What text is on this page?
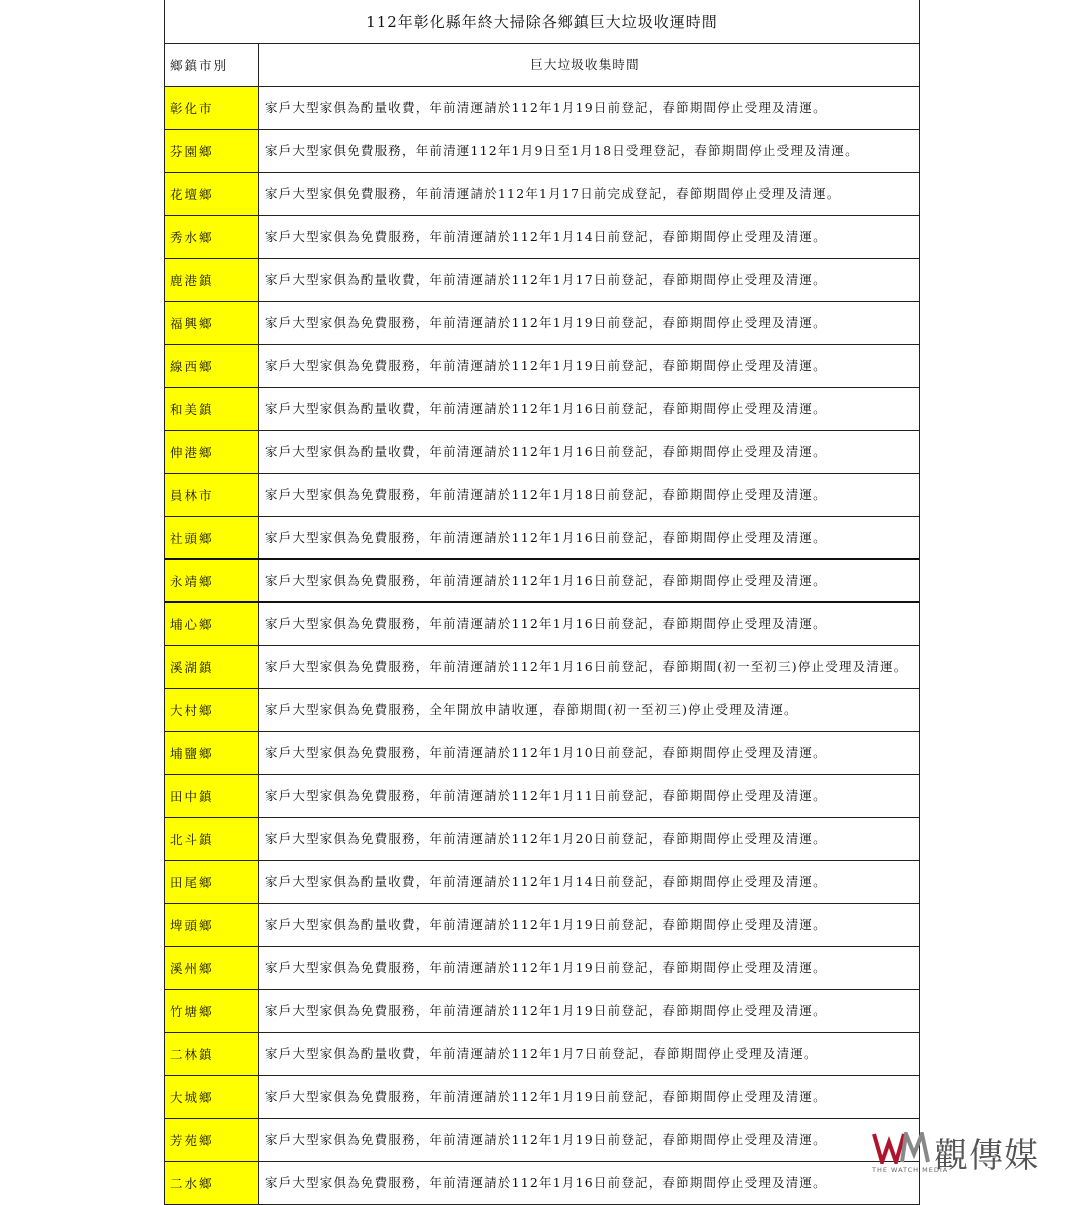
112年彰化縣年終大掃除各鄉鎮巨大垃圾收運時間
鄉鎮市別	巨大垃圾收集時間
彰化市	家戶大型家俱為酌量收費，年前清運請於112年1月19日前登記，春節期間停止受理及清運。
芬園鄉	家戶大型家俱免費服務，年前清運112年1月9日至1月18日受理登記，春節期間停止受理及清運。
花壇鄉	家戶大型家俱免費服務，年前清運請於112年1月17日前完成登記，春節期間停止受理及清運。
秀水鄉	家戶大型家俱為免費服務，年前清運請於112年1月14日前登記，春節期間停止受理及清運。
鹿港鎮	家戶大型家俱為酌量收費，年前清運請於112年1月17日前登記，春節期間停止受理及清運。
福興鄉	家戶大型家俱為免費服務，年前清運請於112年1月19日前登記，春節期間停止受理及清運。
線西鄉	家戶大型家俱為免費服務，年前清運請於112年1月19日前登記，春節期間停止受理及清運。
和美鎮	家戶大型家俱為酌量收費，年前清運請於112年1月16日前登記，春節期間停止受理及清運。
伸港鄉	家戶大型家俱為酌量收費，年前清運請於112年1月16日前登記，春節期間停止受理及清運。
員林市	家戶大型家俱為免費服務，年前清運請於112年1月18日前登記，春節期間停止受理及清運。
社頭鄉	家戶大型家俱為免費服務，年前清運請於112年1月16日前登記，春節期間停止受理及清運。
永靖鄉	家戶大型家俱為免費服務，年前清運請於112年1月16日前登記，春節期間停止受理及清運。
埔心鄉	家戶大型家俱為免費服務，年前清運請於112年1月16日前登記，春節期間停止受理及清運。
溪湖鎮	家戶大型家俱為免費服務，年前清運請於112年1月16日前登記，春節期間(初一至初三)停止受理及清運。
大村鄉	家戶大型家俱為免費服務，全年開放申請收運，春節期間(初一至初三)停止受理及清運。
埔鹽鄉	家戶大型家俱為免費服務，年前清運請於112年1月10日前登記，春節期間停止受理及清運。
田中鎮	家戶大型家俱為免費服務，年前清運請於112年1月11日前登記，春節期間停止受理及清運。
北斗鎮	家戶大型家俱為免費服務，年前清運請於112年1月20日前登記，春節期間停止受理及清運。
田尾鄉	家戶大型家俱為酌量收費，年前清運請於112年1月14日前登記，春節期間停止受理及清運。
埤頭鄉	家戶大型家俱為酌量收費，年前清運請於112年1月19日前登記，春節期間停止受理及清運。
溪州鄉	家戶大型家俱為免費服務，年前清運請於112年1月19日前登記，春節期間停止受理及清運。
竹塘鄉	家戶大型家俱為免費服務，年前清運請於112年1月19日前登記，春節期間停止受理及清運。
二林鎮	家戶大型家俱為酌量收費，年前清運請於112年1月7日前登記，春節期間停止受理及清運。
大城鄉	家戶大型家俱為免費服務，年前清運請於112年1月19日前登記，春節期間停止受理及清運。
芳苑鄉	家戶大型家俱為免費服務，年前清運請於112年1月19日前登記，春節期間停止受理及清運。
二水鄉	家戶大型家俱為免費服務，年前清運請於112年1月16日前登記，春節期間停止受理及清運。
觀傳媒
THE WATCH MEDIA
